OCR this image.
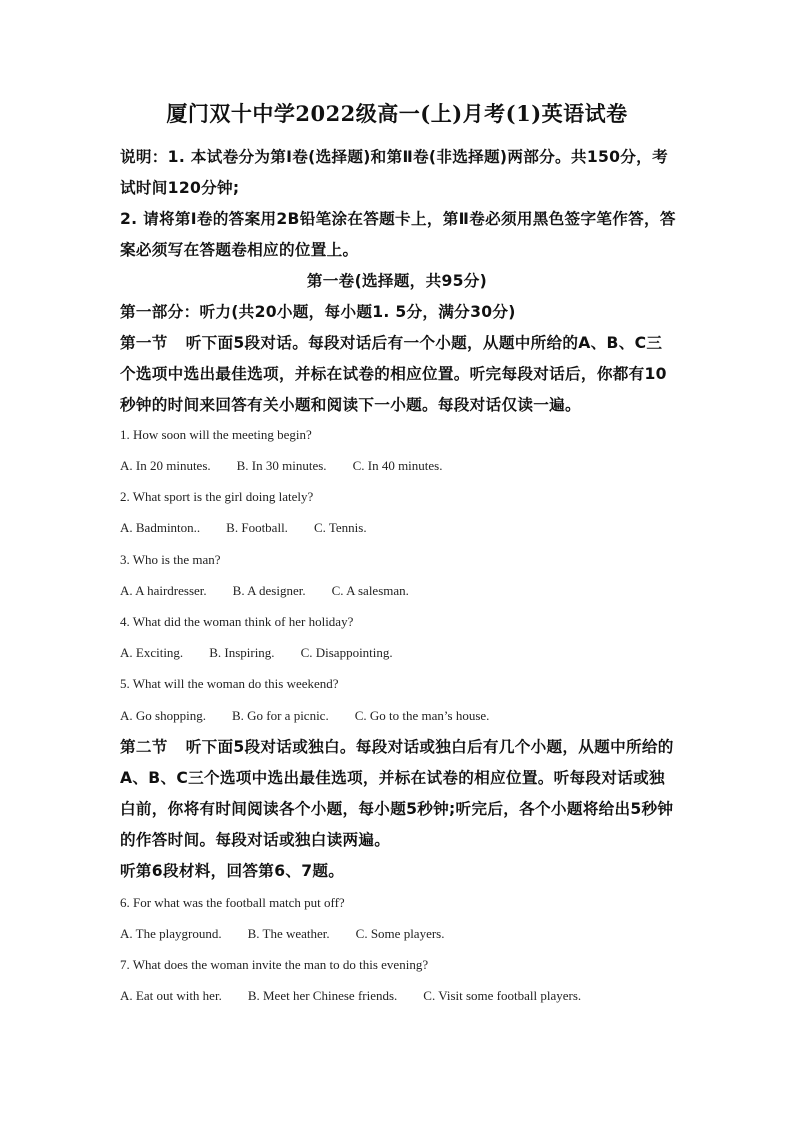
厦门双十中学2022级高一(上)月考(1)英语试卷

说明：1. 本试卷分为第Ⅰ卷(选择题)和第Ⅱ卷(非选择题)两部分。共150分，考试时间120分钟;

2. 请将第Ⅰ卷的答案用2B铅笔涂在答题卡上，第Ⅱ卷必须用黑色签字笔作答，答案必须写在答题卷相应的位置上。

第一卷(选择题，共95分)

第一部分：听力(共20小题，每小题1. 5分，满分30分)

第一节 听下面5段对话。每段对话后有一个小题，从题中所给的A、B、C三个选项中选出最佳选项，并标在试卷的相应位置。听完每段对话后，你都有10秒钟的时间来回答有关小题和阅读下一小题。每段对话仅读一遍。

1. How soon will the meeting begin?

A. In 20 minutes. B. In 30 minutes. C. In 40 minutes.

2. What sport is the girl doing lately?

A. Badminton.. B. Football. C. Tennis.

3. Who is the man?

A. A hairdresser. B. A designer. C. A salesman.

4. What did the woman think of her holiday?

A. Exciting. B. Inspiring. C. Disappointing.

5. What will the woman do this weekend?

A. Go shopping. B. Go for a picnic. C. Go to the man’s house.

第二节 听下面5段对话或独白。每段对话或独白后有几个小题，从题中所给的A、B、C三个选项中选出最佳选项，并标在试卷的相应位置。听每段对话或独白前，你将有时间阅读各个小题，每小题5秒钟;听完后，各个小题将给出5秒钟的作答时间。每段对话或独白读两遍。

听第6段材料，回答第6、7题。

6. For what was the football match put off?

A. The playground. B. The weather. C. Some players.

7. What does the woman invite the man to do this evening?

A. Eat out with her. B. Meet her Chinese friends. C. Visit some football players.
